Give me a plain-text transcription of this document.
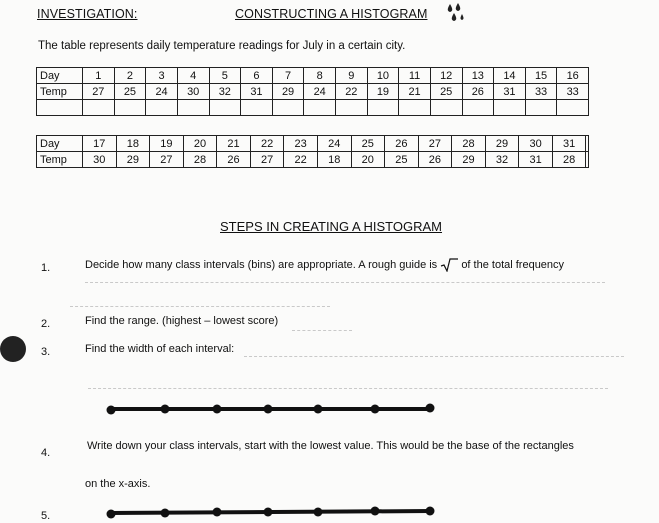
INVESTIGATION:	CONSTRUCTING A HISTOGRAM
The table represents daily temperature readings for July in a certain city.
Day	1	2	3	4	5	6	7	8	9	10	11	12	13	14	15	16
Temp	27	25	24	30	32	31	29	24	22	19	21	25	26	31	33	33

Day	17	18	19	20	21	22	23	24	25	26	27	28	29	30	31	
Temp	30	29	27	28	26	27	22	18	20	25	26	29	32	31	28	
STEPS IN CREATING A HISTOGRAM
1.	Decide how many class intervals (bins) are appropriate. A rough guide is of the total frequency
2.	Find the range. (highest – lowest score)
3.	Find the width of each interval:
4.
Write down your class intervals, start with the lowest value. This would be the base of the rectangles
on the x-axis.
5.
